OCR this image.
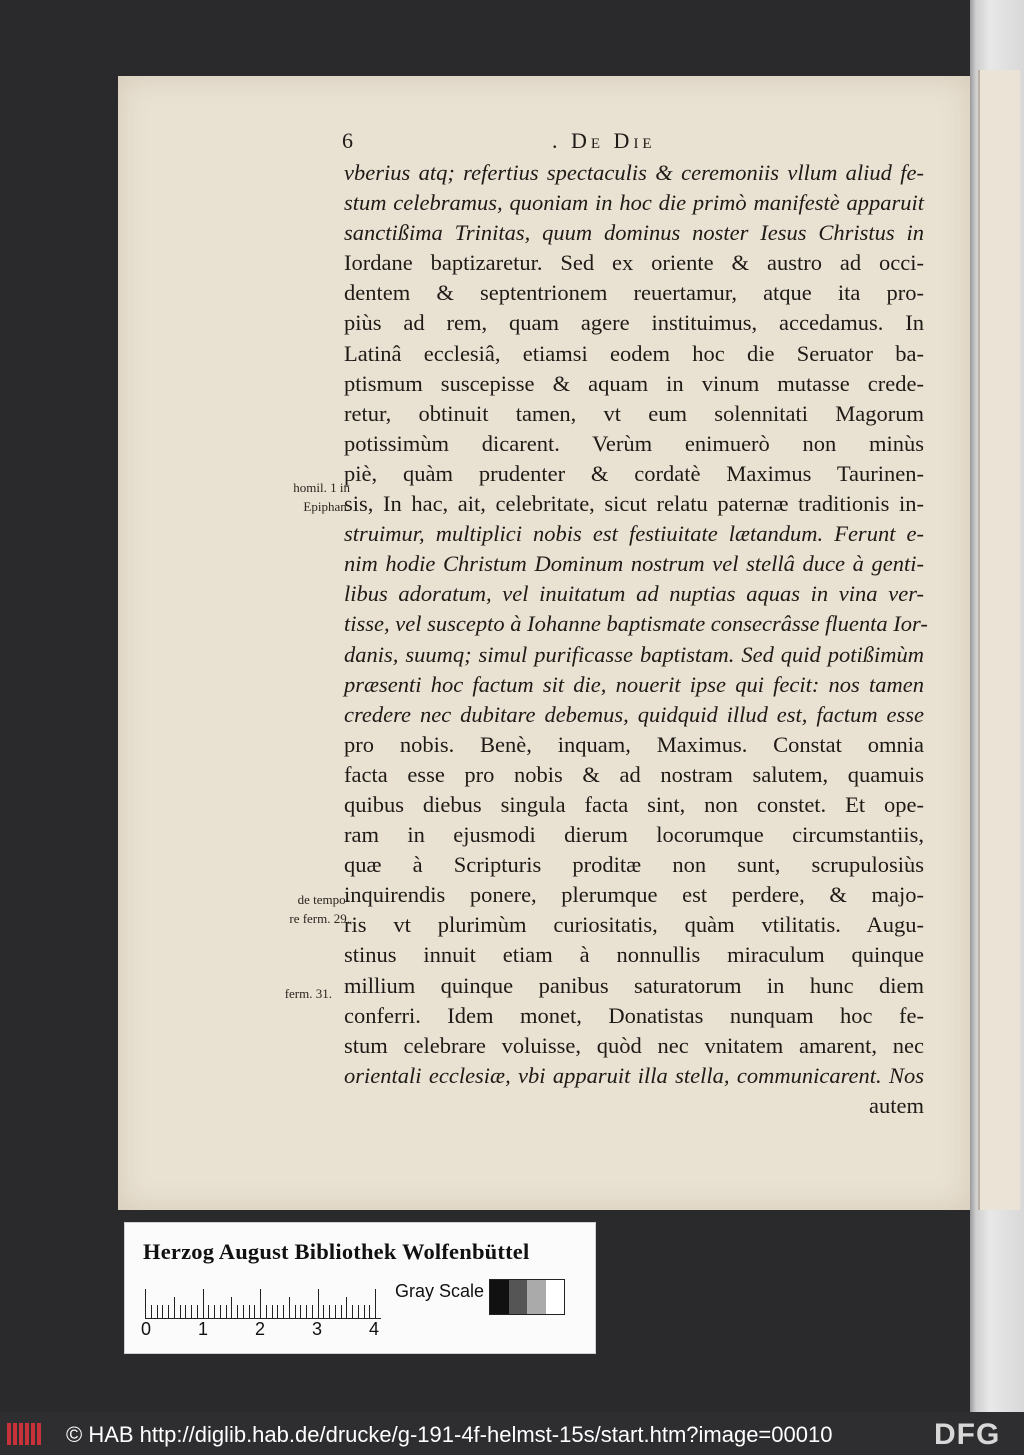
6	. De Die
vberius atq; refertius spectaculis & ceremoniis vllum aliud fe-
stum celebramus, quoniam in hoc die primò manifestè apparuit
sanctißima Trinitas, quum dominus noster Iesus Christus in
Iordane baptizaretur. Sed ex oriente & austro ad occi-
dentem & septentrionem reuertamur, atque ita pro-
piùs ad rem, quam agere instituimus, accedamus. In
Latinâ ecclesiâ, etiamsi eodem hoc die Seruator ba-
ptismum suscepisse & aquam in vinum mutasse crede-
retur, obtinuit tamen, vt eum solennitati Magorum
potissimùm dicarent. Verùm enimuerò non minùs
piè, quàm prudenter & cordatè Maximus Taurinen-
sis, In hac, ait, celebritate, sicut relatu paternæ traditionis in-
struimur, multiplici nobis est festiuitate lætandum. Ferunt e-
nim hodie Christum Dominum nostrum vel stellâ duce à genti-
libus adoratum, vel inuitatum ad nuptias aquas in vina ver-
tisse, vel suscepto à Iohanne baptismate consecrâsse fluenta Ior-
danis, suumq; simul purificasse baptistam. Sed quid potißimùm
præsenti hoc factum sit die, nouerit ipse qui fecit: nos tamen
credere nec dubitare debemus, quidquid illud est, factum esse
pro nobis. Benè, inquam, Maximus. Constat omnia
facta esse pro nobis & ad nostram salutem, quamuis
quibus diebus singula facta sint, non constet. Et ope-
ram in ejusmodi dierum locorumque circumstantiis,
quæ à Scripturis proditæ non sunt, scrupulosiùs
inquirendis ponere, plerumque est perdere, & majo-
ris vt plurimùm curiositatis, quàm vtilitatis. Augu-
stinus innuit etiam à nonnullis miraculum quinque
millium quinque panibus saturatorum in hunc diem
conferri. Idem monet, Donatistas nunquam hoc fe-
stum celebrare voluisse, quòd nec vnitatem amarent, nec
orientali ecclesiæ, vbi apparuit illa stella, communicarent. Nos
autem
homil. 1 in
Epiphan.
de tempo-
re ferm. 29.
ferm. 31.
Herzog August Bibliothek Wolfenbüttel
0	1	2	3	4
Gray Scale
© HAB http://diglib.hab.de/drucke/g-191-4f-helmst-15s/start.htm?image=00010	DFG
